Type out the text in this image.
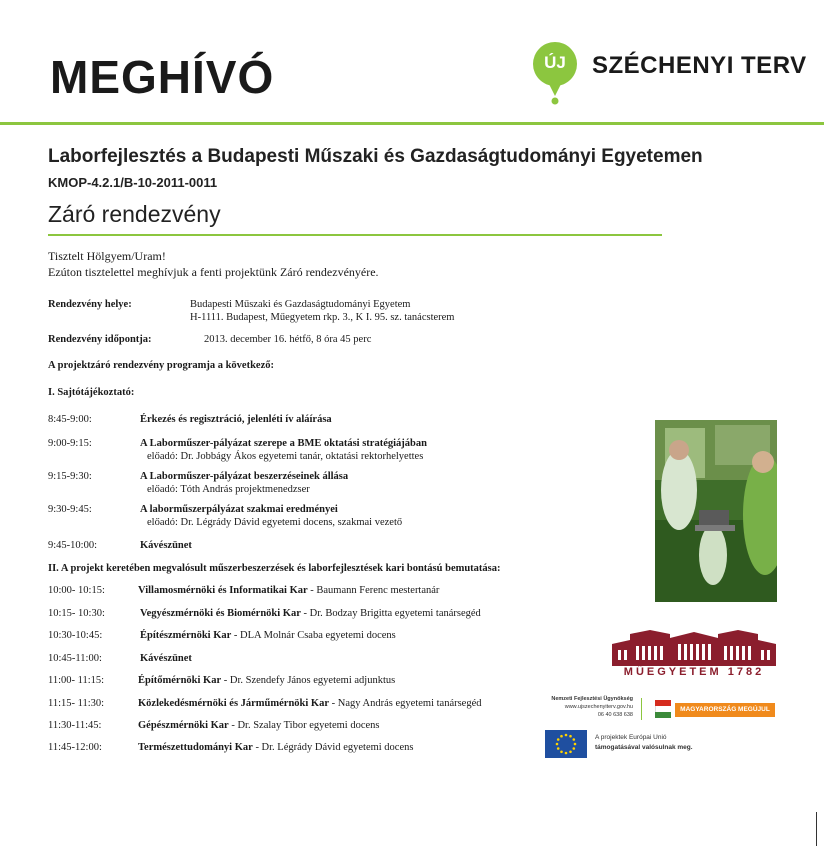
MEGHÍVÓ	ÚJ SZÉCHENYI TERV
Laborfejlesztés a Budapesti Műszaki és Gazdaságtudományi Egyetemen
KMOP-4.2.1/B-10-2011-0011
Záró rendezvény
Tisztelt Hölgyem/Uram!
Ezúton tisztelettel meghívjuk a fenti projektünk Záró rendezvényére.
Rendezvény helye:	Budapesti Műszaki és Gazdaságtudományi Egyetem
H-1111. Budapest, Műegyetem rkp. 3., K I. 95. sz. tanácsterem
Rendezvény időpontja:	2013. december 16. hétfő, 8 óra 45 perc
A projektzáró rendezvény programja a következő:
I. Sajtótájékoztató:
8:45-9:00:	Érkezés és regisztráció, jelenléti ív aláírása
9:00-9:15:	A Laborműszer-pályázat szerepe a BME oktatási stratégiájában
előadó: Dr. Jobbágy Ákos egyetemi tanár, oktatási rektorhelyettes
9:15-9:30:	A Laborműszer-pályázat beszerzéseinek állása
előadó: Tóth András projektmenedzser
9:30-9:45:	A laborműszerpályázat szakmai eredményei
előadó: Dr. Légrády Dávid egyetemi docens, szakmai vezető
9:45-10:00:	Kávészünet
II. A projekt keretében megvalósult műszerbeszerzések és laborfejlesztések kari bontású bemutatása:
10:00- 10:15:	Villamosmérnöki és Informatikai Kar - Baumann Ferenc mestertanár
10:15- 10:30:	Vegyészmérnöki és Biomérnöki Kar - Dr. Bodzay Brigitta egyetemi tanársegéd
10:30-10:45:	Építészmérnöki Kar - DLA Molnár Csaba egyetemi docens
10:45-11:00:	Kávészünet
11:00- 11:15:	Építőmérnöki Kar - Dr. Szendefy János egyetemi adjunktus
11:15- 11:30:	Közlekedésmérnöki és Járműmérnöki Kar - Nagy András egyetemi tanársegéd
11:30-11:45:	Gépészmérnöki Kar - Dr. Szalay Tibor egyetemi docens
11:45-12:00:	Természettudományi Kar - Dr. Légrády Dávid egyetemi docens
MŰEGYETEM 1782
Nemzeti Fejlesztési Ügynökség
www.ujszechenyiterv.gov.hu
06 40 638 638
MAGYARORSZÁG MEGÚJUL
A projektek Európai Unió
támogatásával valósulnak meg.
